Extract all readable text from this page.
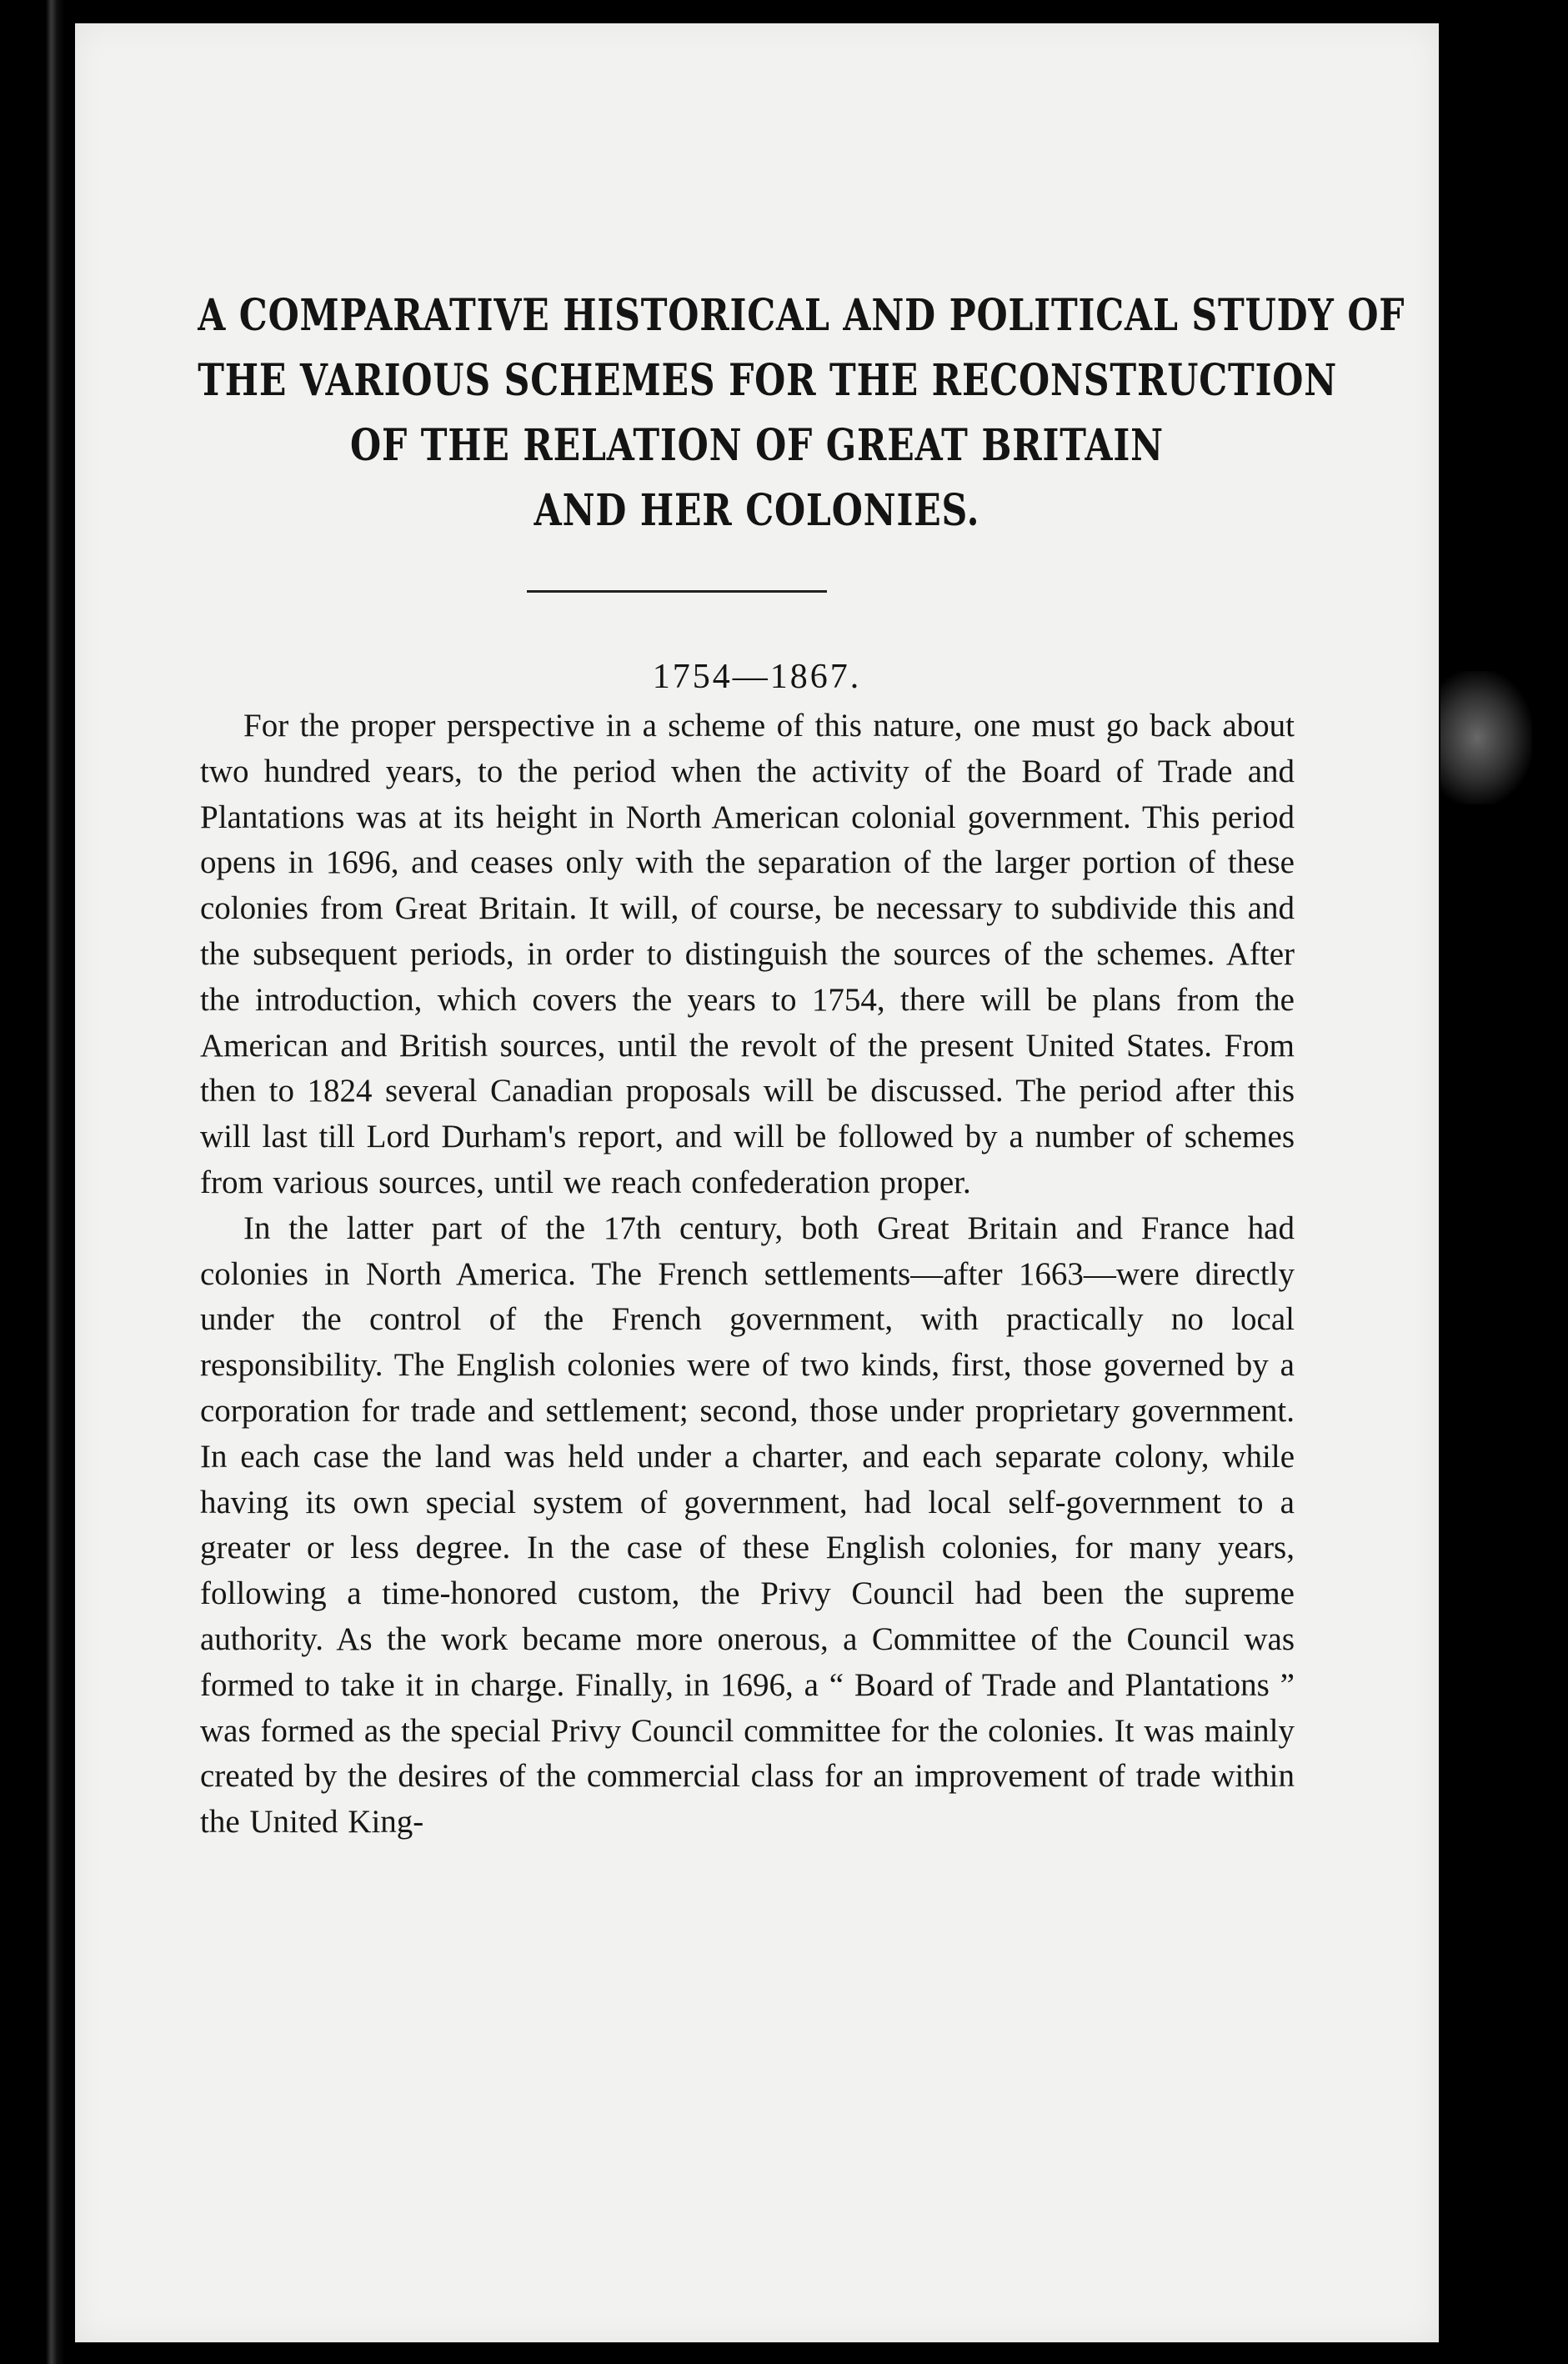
A COMPARATIVE HISTORICAL AND POLITICAL STUDY OF
THE VARIOUS SCHEMES FOR THE RECONSTRUCTION
OF THE RELATION OF GREAT BRITAIN
AND HER COLONIES.
1754—1867.

For the proper perspective in a scheme of this nature, one must go back about two hundred years, to the period when the activity of the Board of Trade and Plantations was at its height in North American colonial government. This period opens in 1696, and ceases only with the separation of the larger portion of these colonies from Great Britain. It will, of course, be necessary to subdivide this and the subsequent periods, in order to distinguish the sources of the schemes. After the introduction, which covers the years to 1754, there will be plans from the American and British sources, until the revolt of the present United States. From then to 1824 several Canadian proposals will be discussed. The period after this will last till Lord Durham's report, and will be followed by a number of schemes from various sources, until we reach confederation proper.

In the latter part of the 17th century, both Great Britain and France had colonies in North America. The French settlements—after 1663—were directly under the control of the French government, with practically no local responsibility. The English colonies were of two kinds, first, those governed by a corporation for trade and settlement; second, those under proprietary government. In each case the land was held under a charter, and each separate colony, while having its own special system of government, had local self-government to a greater or less degree. In the case of these English colonies, for many years, following a time-honored custom, the Privy Council had been the supreme authority. As the work became more onerous, a Committee of the Council was formed to take it in charge. Finally, in 1696, a “ Board of Trade and Plantations ” was formed as the special Privy Council committee for the colonies. It was mainly created by the desires of the commercial class for an improvement of trade within the United King-
